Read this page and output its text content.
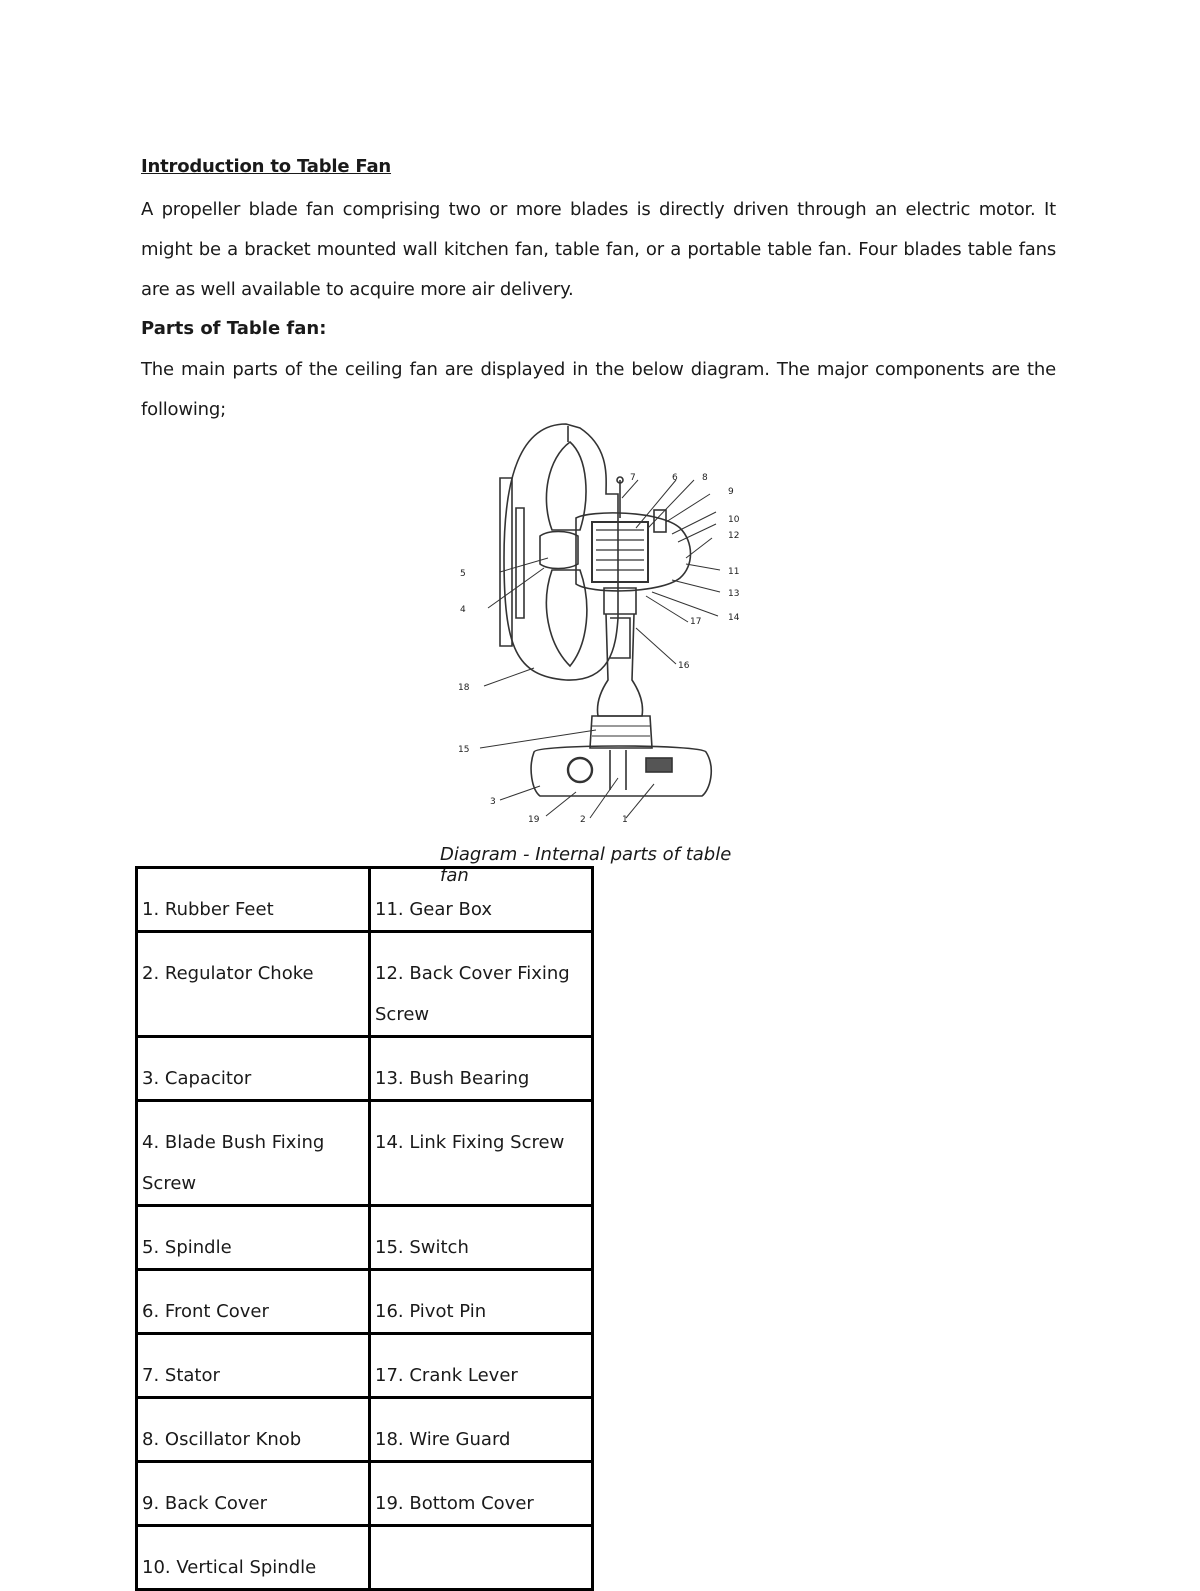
Introduction to Table Fan
A propeller blade fan comprising two or more blades is directly driven through an electric motor. It might be a bracket mounted wall kitchen fan, table fan, or a portable table fan. Four blades table fans are as well available to acquire more air delivery.
Parts of Table fan:
The main parts of the ceiling fan are displayed in the below diagram. The major components are the following;
7	6	8
9
10
12
5	11
13
4
17	14
16
18
15
3
19	2	1
Diagram - Internal parts of table fan
1. Rubber Feet	11. Gear Box
2. Regulator Choke	12. Back Cover Fixing Screw
3. Capacitor	13. Bush Bearing
4. Blade Bush Fixing Screw	14. Link Fixing Screw
5. Spindle	15. Switch
6. Front Cover	16. Pivot Pin
7. Stator	17. Crank Lever
8. Oscillator Knob	18. Wire Guard
9. Back Cover	19. Bottom Cover
10. Vertical Spindle	
